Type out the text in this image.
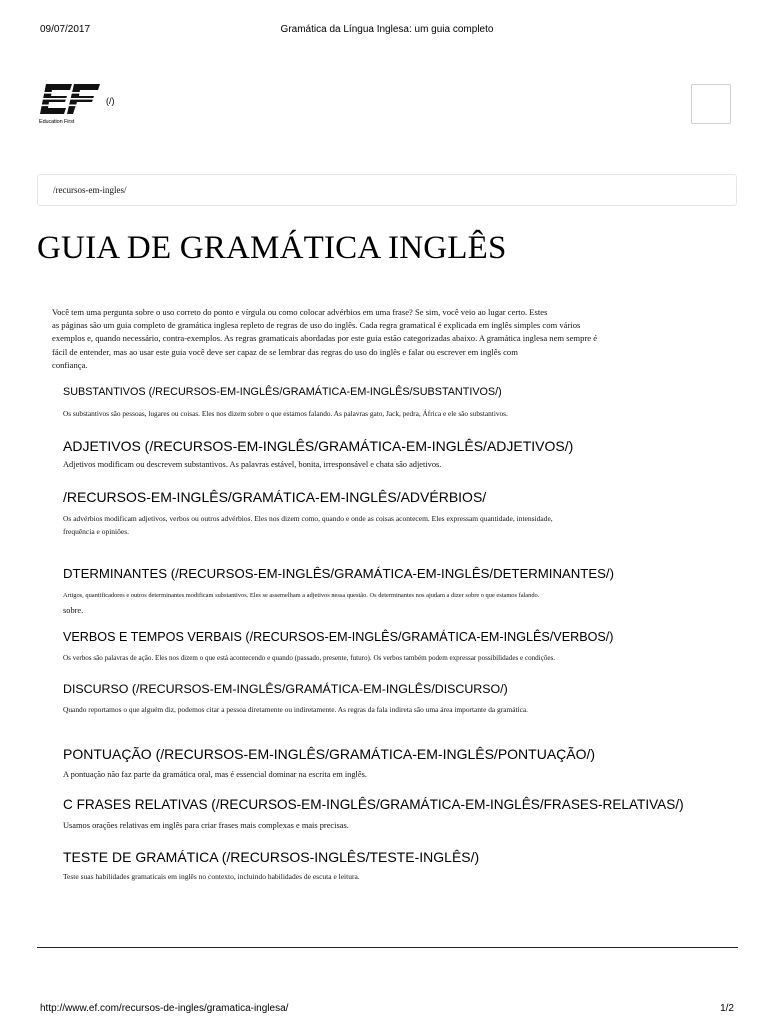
09/07/2017	Gramática da Língua Inglesa: um guia completo
Education First
(/)
/recursos-em-ingles/
GUIA DE GRAMÁTICA INGLÊS

Você tem uma pergunta sobre o uso correto do ponto e vírgula ou como colocar advérbios em uma frase? Se sim, você veio ao lugar certo. Estes
as páginas são um guia completo de gramática inglesa repleto de regras de uso do inglês. Cada regra gramatical é explicada em inglês simples com vários
exemplos e, quando necessário, contra-exemplos. As regras gramaticais abordadas por este guia estão categorizadas abaixo. A gramática inglesa nem sempre é
fácil de entender, mas ao usar este guia você deve ser capaz de se lembrar das regras do uso do inglês e falar ou escrever em inglês com
confiança.

SUBSTANTIVOS (/RECURSOS-EM-INGLÊS/GRAMÁTICA-EM-INGLÊS/SUBSTANTIVOS/)

Os substantivos são pessoas, lugares ou coisas. Eles nos dizem sobre o que estamos falando. As palavras gato, Jack, pedra, África e ele são substantivos.

ADJETIVOS (/RECURSOS-EM-INGLÊS/GRAMÁTICA-EM-INGLÊS/ADJETIVOS/)

Adjetivos modificam ou descrevem substantivos. As palavras estável, bonita, irresponsável e chata são adjetivos.

/RECURSOS-EM-INGLÊS/GRAMÁTICA-EM-INGLÊS/ADVÉRBIOS/

Os advérbios modificam adjetivos, verbos ou outros advérbios. Eles nos dizem como, quando e onde as coisas acontecem. Eles expressam quantidade, intensidade,
frequência e opiniões.

DTERMINANTES (/RECURSOS-EM-INGLÊS/GRAMÁTICA-EM-INGLÊS/DETERMINANTES/)

Artigos, quantificadores e outros determinantes modificam substantivos. Eles se assemelham a adjetivos nessa questão. Os determinantes nos ajudam a dizer sobre o que estamos falando.
sobre.

VERBOS E TEMPOS VERBAIS (/RECURSOS-EM-INGLÊS/GRAMÁTICA-EM-INGLÊS/VERBOS/)

Os verbos são palavras de ação. Eles nos dizem o que está acontecendo e quando (passado, presente, futuro). Os verbos também podem expressar possibilidades e condições.

DISCURSO (/RECURSOS-EM-INGLÊS/GRAMÁTICA-EM-INGLÊS/DISCURSO/)

Quando reportamos o que alguém diz, podemos citar a pessoa diretamente ou indiretamente. As regras da fala indireta são uma área importante da gramática.

PONTUAÇÃO (/RECURSOS-EM-INGLÊS/GRAMÁTICA-EM-INGLÊS/PONTUAÇÃO/)

A pontuação não faz parte da gramática oral, mas é essencial dominar na escrita em inglês.

C FRASES RELATIVAS (/RECURSOS-EM-INGLÊS/GRAMÁTICA-EM-INGLÊS/FRASES-RELATIVAS/)

Usamos orações relativas em inglês para criar frases mais complexas e mais precisas.

TESTE DE GRAMÁTICA (/RECURSOS-INGLÊS/TESTE-INGLÊS/)

Teste suas habilidades gramaticais em inglês no contexto, incluindo habilidades de escuta e leitura.

http://www.ef.com/recursos-de-ingles/gramatica-inglesa/	1/2
